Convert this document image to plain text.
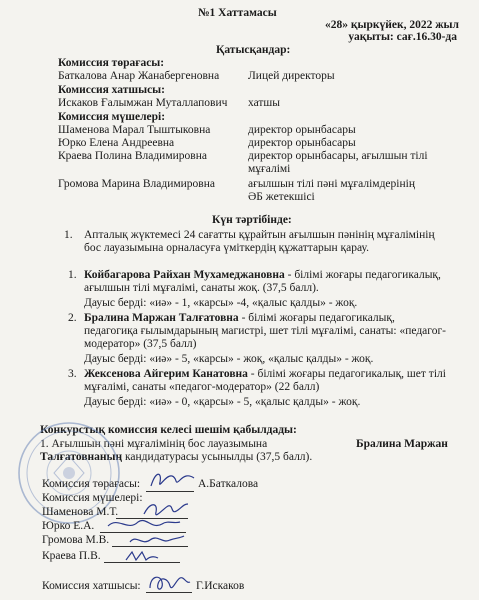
№1 Хаттамасы
«28» қыркүйек, 2022 жыл
уақыты: сағ.16.30-да
Қатысқандар:
Комиссия төрағасы:
Баткалова Анар Жанабергеновна	Лицей директоры
Комиссия хатшысы:
Искаков Ғалымжан Муталлапович хатшы
Комиссия мүшелері:
Шаменова Марал Тыштыковна	директор орынбасары
Юрко Елена Андреевна	директор орынбасары
Краева Полина Владимировна	директор орынбасары, ағылшын тілі
мұғалімі
Громова Марина Владимировна	ағылшын тілі пәні мұғалімдерінің
ӘБ жетекшісі
Күн тәртібінде:
1. Апталық жүктемесі 24 сағатты құрайтын ағылшын пәнінің мұғалімінің
бос лауазымына орналасуға үміткердің құжаттарын қарау.
1. Койбагарова Райхан Мухамеджановна - білімі жоғары педагогикалық,
ағылшын тілі мұғалімі, санаты жоқ. (37,5 балл).
Дауыс берді: «иә» - 1, «карсы» -4, «қалыс қалды» - жоқ.
2. Бралина Маржан Талғатовна - білімі жоғары педагогикалық,
педагогиқа ғылымдарының магистрі, шет тілі мұғалімі, санаты: «педагог-
модератор» (37,5 балл)
Дауыс берді: «иә» - 5, «карсы» - жоқ, «қалыс қалды» - жоқ.
3. Жексенова Айгерим Канатовна - білімі жоғары педагогикалық, шет тілі
мұғалімі, санаты «педагог-модератор» (22 балл)
Дауыс берді: «иә» - 0, «қарсы» - 5, «қалыс қалды» - жоқ.
Конкурстық комиссия келесі шешім қабылдады:
1. Ағылшын пәні мұғалімінің бос лауазымына	Бралина Маржан
Талғатовнаның кандидатурасы усынылды (37,5 балл).
Комиссия төрағасы:	А.Баткалова
Комиссия мүшелері:
Шаменова М.Т.
Юрко Е.А.
Громова М.В.
Краева П.В.
Комиссия хатшысы:	Г.Искаков
